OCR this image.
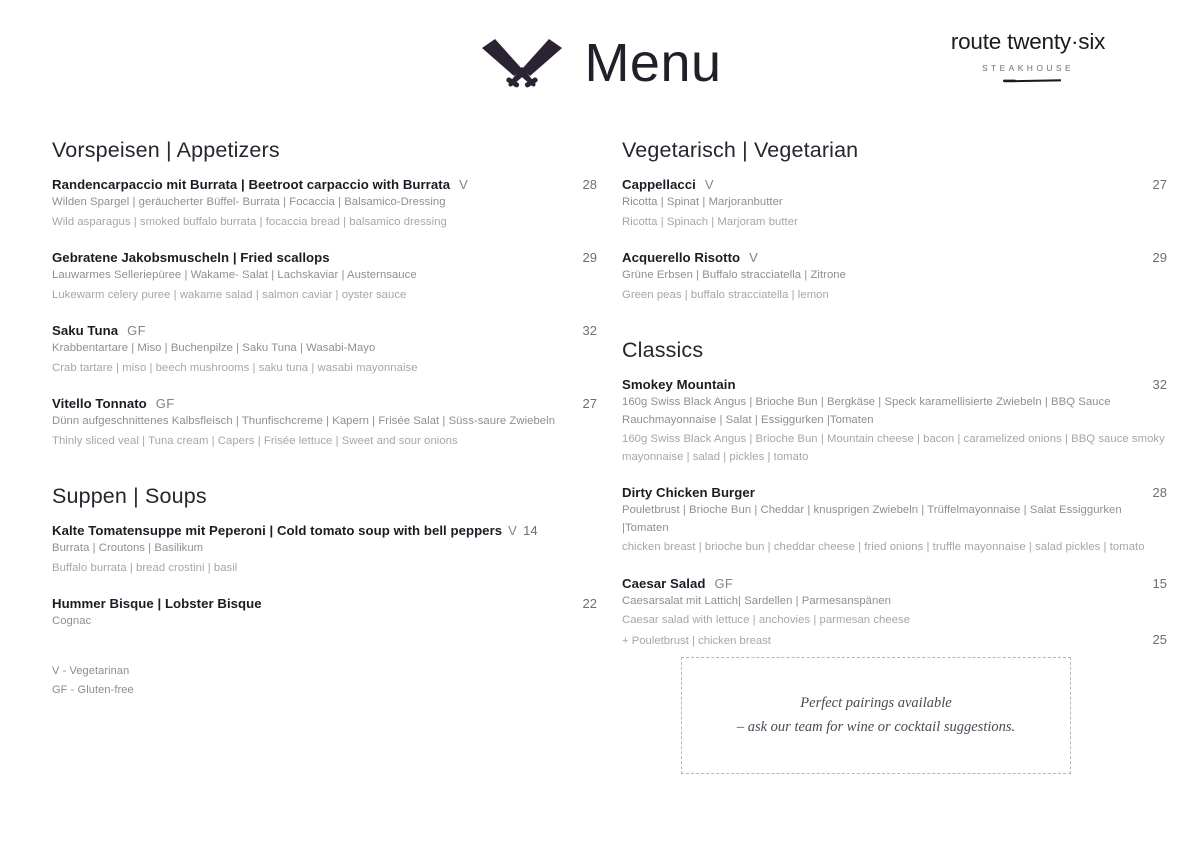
Menu	route twenty·six
STEAKHOUSE
Vorspeisen | Appetizers
Randencarpaccio mit Burrata | Beetroot carpaccio with Burrata V	28
Wilden Spargel | geräucherter Büffel- Burrata | Focaccia | Balsamico-Dressing
Wild asparagus | smoked buffalo burrata | focaccia bread | balsamico dressing
Gebratene Jakobsmuscheln | Fried scallops	29
Lauwarmes Selleriepüree | Wakame- Salat | Lachskaviar | Austernsauce
Lukewarm celery puree | wakame salad | salmon caviar | oyster sauce
Saku Tuna GF	32
Krabbentartare | Miso | Buchenpilze | Saku Tuna | Wasabi-Mayo
Crab tartare | miso | beech mushrooms | saku tuna | wasabi mayonnaise
Vitello Tonnato GF	27
Dünn aufgeschnittenes Kalbsfleisch | Thunfischcreme | Kapern | Frisée Salat | Süss-saure Zwiebeln
Thinly sliced veal | Tuna cream | Capers | Frisée lettuce | Sweet and sour onions
Suppen | Soups
Kalte Tomatensuppe mit Peperoni | Cold tomato soup with bell peppers V 14
Burrata | Croutons | Basilikum
Buffalo burrata | bread crostini | basil
Hummer Bisque | Lobster Bisque	22
Cognac
Vegetarisch | Vegetarian
Cappellacci V	27
Ricotta | Spinat | Marjoranbutter
Ricotta | Spinach | Marjoram butter
Acquerello Risotto V	29
Grüne Erbsen | Buffalo stracciatella | Zitrone
Green peas | buffalo stracciatella | lemon
Classics
Smokey Mountain	32
160g Swiss Black Angus | Brioche Bun | Bergkäse | Speck karamellisierte Zwiebeln | BBQ Sauce Rauchmayonnaise | Salat | Essiggurken |Tomaten
160g Swiss Black Angus | Brioche Bun | Mountain cheese | bacon | caramelized onions | BBQ sauce smoky mayonnaise | salad | pickles | tomato
Dirty Chicken Burger	28
Pouletbrust | Brioche Bun | Cheddar | knusprigen Zwiebeln | Trüffelmayonnaise | Salat Essiggurken |Tomaten
chicken breast | brioche bun | cheddar cheese | fried onions | truffle mayonnaise | salad pickles | tomato
Caesar Salad GF	15
Caesarsalat mit Lattich| Sardellen | Parmesanspänen
Caesar salad with lettuce | anchovies | parmesan cheese
+ Pouletbrust | chicken breast	25
V - Vegetarinan
GF - Gluten-free
Perfect pairings available
– ask our team for wine or cocktail suggestions.
